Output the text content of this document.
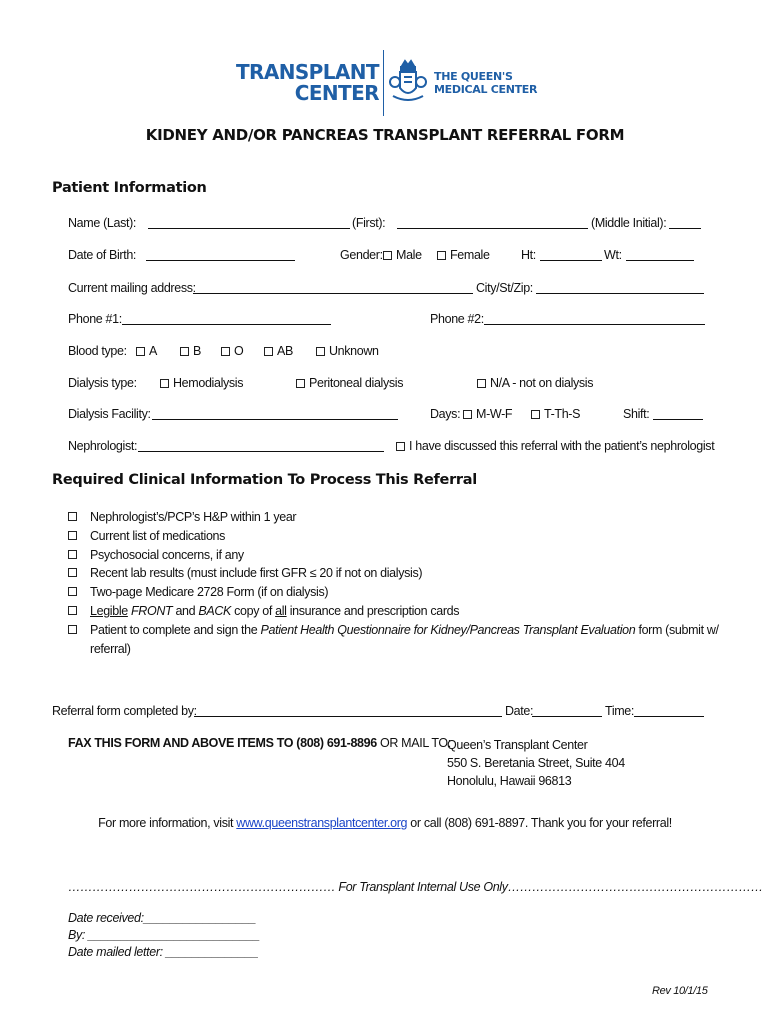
TRANSPLANT
CENTER
THE QUEEN'S
MEDICAL CENTER
KIDNEY AND/OR PANCREAS TRANSPLANT REFERRAL FORM
Patient Information
Name (Last):	(First):	(Middle Initial):
Date of Birth:	Gender:	Male	Female	Ht:	Wt:
Current mailing address:	City/St/Zip:
Phone #1:	Phone #2:
Blood type:	A	B	O	AB	Unknown
Dialysis type:	Hemodialysis	Peritoneal dialysis	N/A - not on dialysis
Dialysis Facility:	Days:	M-W-F	T-Th-S	Shift:
Nephrologist:	I have discussed this referral with the patient’s nephrologist
Required Clinical Information To Process This Referral
Nephrologist’s/PCP’s H&P within 1 year
Current list of medications
Psychosocial concerns, if any
Recent lab results (must include first GFR ≤ 20 if not on dialysis)
Two-page Medicare 2728 Form (if on dialysis)
Legible FRONT and BACK copy of all insurance and prescription cards
Patient to complete and sign the Patient Health Questionnaire for Kidney/Pancreas Transplant Evaluation form (submit w/ referral)
Referral form completed by:	Date:	Time:
FAX THIS FORM AND ABOVE ITEMS TO (808) 691-8896 OR MAIL TO:
Queen’s Transplant Center
550 S. Beretania Street, Suite 404
Honolulu, Hawaii 96813
For more information, visit www.queenstransplantcenter.org or call (808) 691-8897. Thank you for your referral!
………………………………………………………… For Transplant Internal Use Only………………………………………………………
Date received:_________________
By: __________________________
Date mailed letter: ______________
Rev 10/1/15
